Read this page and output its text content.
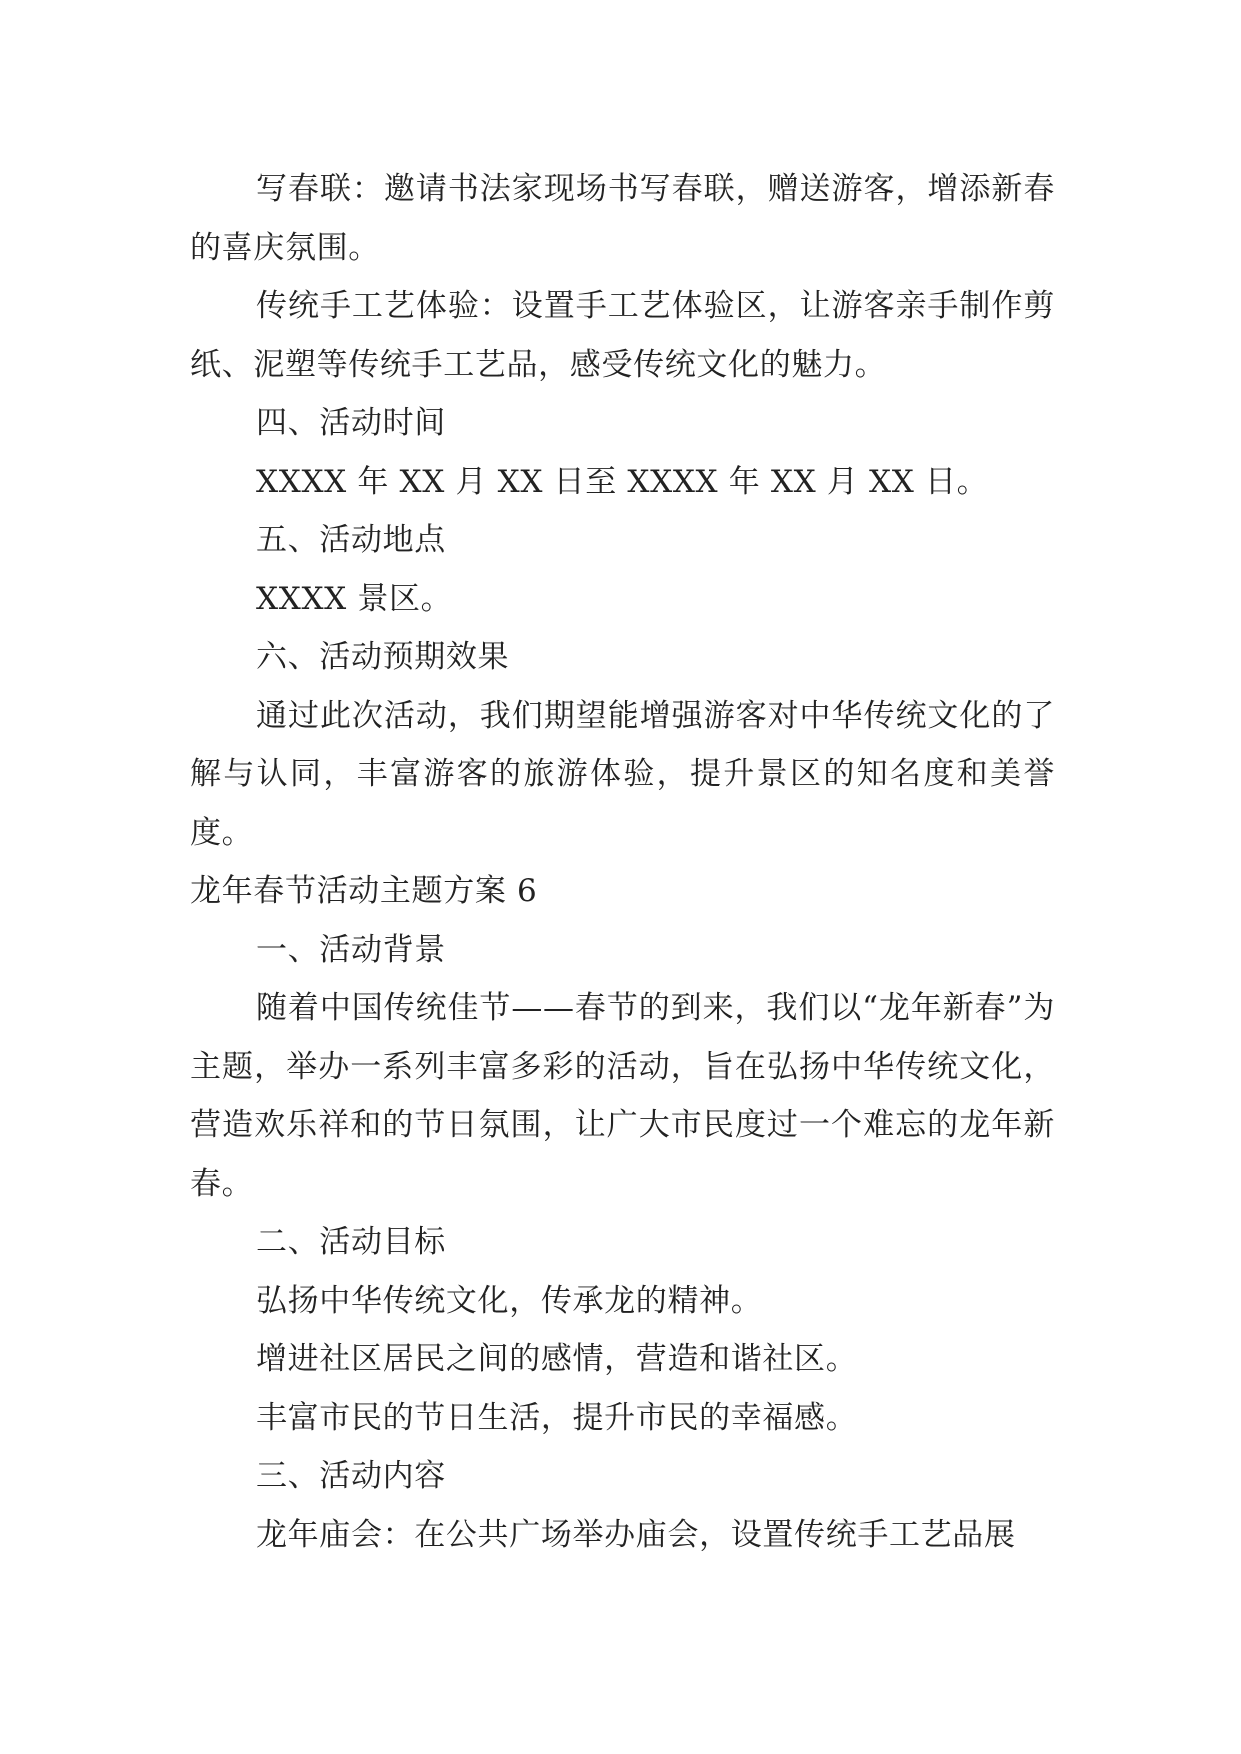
写春联：邀请书法家现场书写春联，赠送游客，增添新春的喜庆氛围。

传统手工艺体验：设置手工艺体验区，让游客亲手制作剪纸、泥塑等传统手工艺品，感受传统文化的魅力。

四、活动时间

XXXX 年 XX 月 XX 日至 XXXX 年 XX 月 XX 日。

五、活动地点

XXXX 景区。

六、活动预期效果

通过此次活动，我们期望能增强游客对中华传统文化的了解与认同，丰富游客的旅游体验，提升景区的知名度和美誉度。

龙年春节活动主题方案 6

一、活动背景

随着中国传统佳节——春节的到来，我们以“龙年新春”为主题，举办一系列丰富多彩的活动，旨在弘扬中华传统文化，营造欢乐祥和的节日氛围，让广大市民度过一个难忘的龙年新春。

二、活动目标

弘扬中华传统文化，传承龙的精神。

增进社区居民之间的感情，营造和谐社区。

丰富市民的节日生活，提升市民的幸福感。

三、活动内容

龙年庙会：在公共广场举办庙会，设置传统手工艺品展
